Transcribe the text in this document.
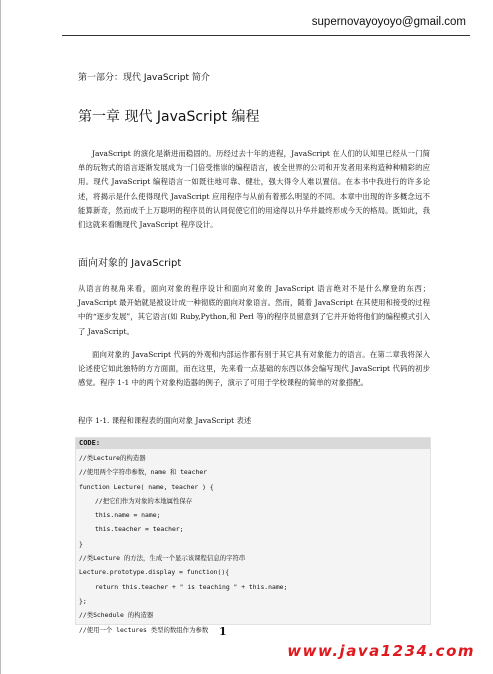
supernovayoyoyo@gmail.com
第一部分：现代 JavaScript 简介
第一章 现代 JavaScript 编程
JavaScript 的演化是渐进而稳固的。历经过去十年的进程，JavaScript 在人们的认知里已经从一门简单的玩物式的语言逐渐发展成为一门倍受推崇的编程语言，被全世界的公司和开发者用来构造种种精彩的应用。现代 JavaScript 编程语言一如既往地可靠、健壮，强大得令人难以置信。在本书中我进行的许多论述，将揭示是什么使得现代 JavaScript 应用程序与从前有着那么明显的不同。本章中出现的许多概念远不能算新奇，然而成千上万聪明的程序员的认同促使它们的用途得以升华并最终形成今天的格局。既如此，我们这就来看瞧现代 JavaScript 程序设计。
面向对象的 JavaScript
从语言的视角来看，面向对象的程序设计和面向对象的 JavaScript 语言绝对不是什么摩登的东西；JavaScript 最开始就是被设计成一种彻底的面向对象语言。然而，随着 JavaScript 在其使用和接受的过程中的“逐步发展”，其它语言(如 Ruby,Python,和 Perl 等)的程序员留意到了它并开始将他们的编程模式引入了 JavaScript。
面向对象的 JavaScript 代码的外观和内部运作都有别于其它具有对象能力的语言。在第二章我将深入论述使它如此独特的方方面面，而在这里，先来看一点基础的东西以体会编写现代 JavaScript 代码的初步感觉。程序 1-1 中的两个对象构造器的例子，演示了可用于学校课程的简单的对象搭配。
程序 1-1. 课程和课程表的面向对象 JavaScript 表述
CODE:
//类Lecture的构造器
//使用两个字符串参数，name 和 teacher
function Lecture( name, teacher ) {
//把它们作为对象的本地属性保存
this.name = name;
this.teacher = teacher;
}
//类Lecture 的方法，生成一个显示该课程信息的字符串
Lecture.prototype.display = function(){
return this.teacher + " is teaching " + this.name;
};
//类Schedule 的构造器
//使用一个 lectures 类型的数组作为参数 1
www.java1234.com
